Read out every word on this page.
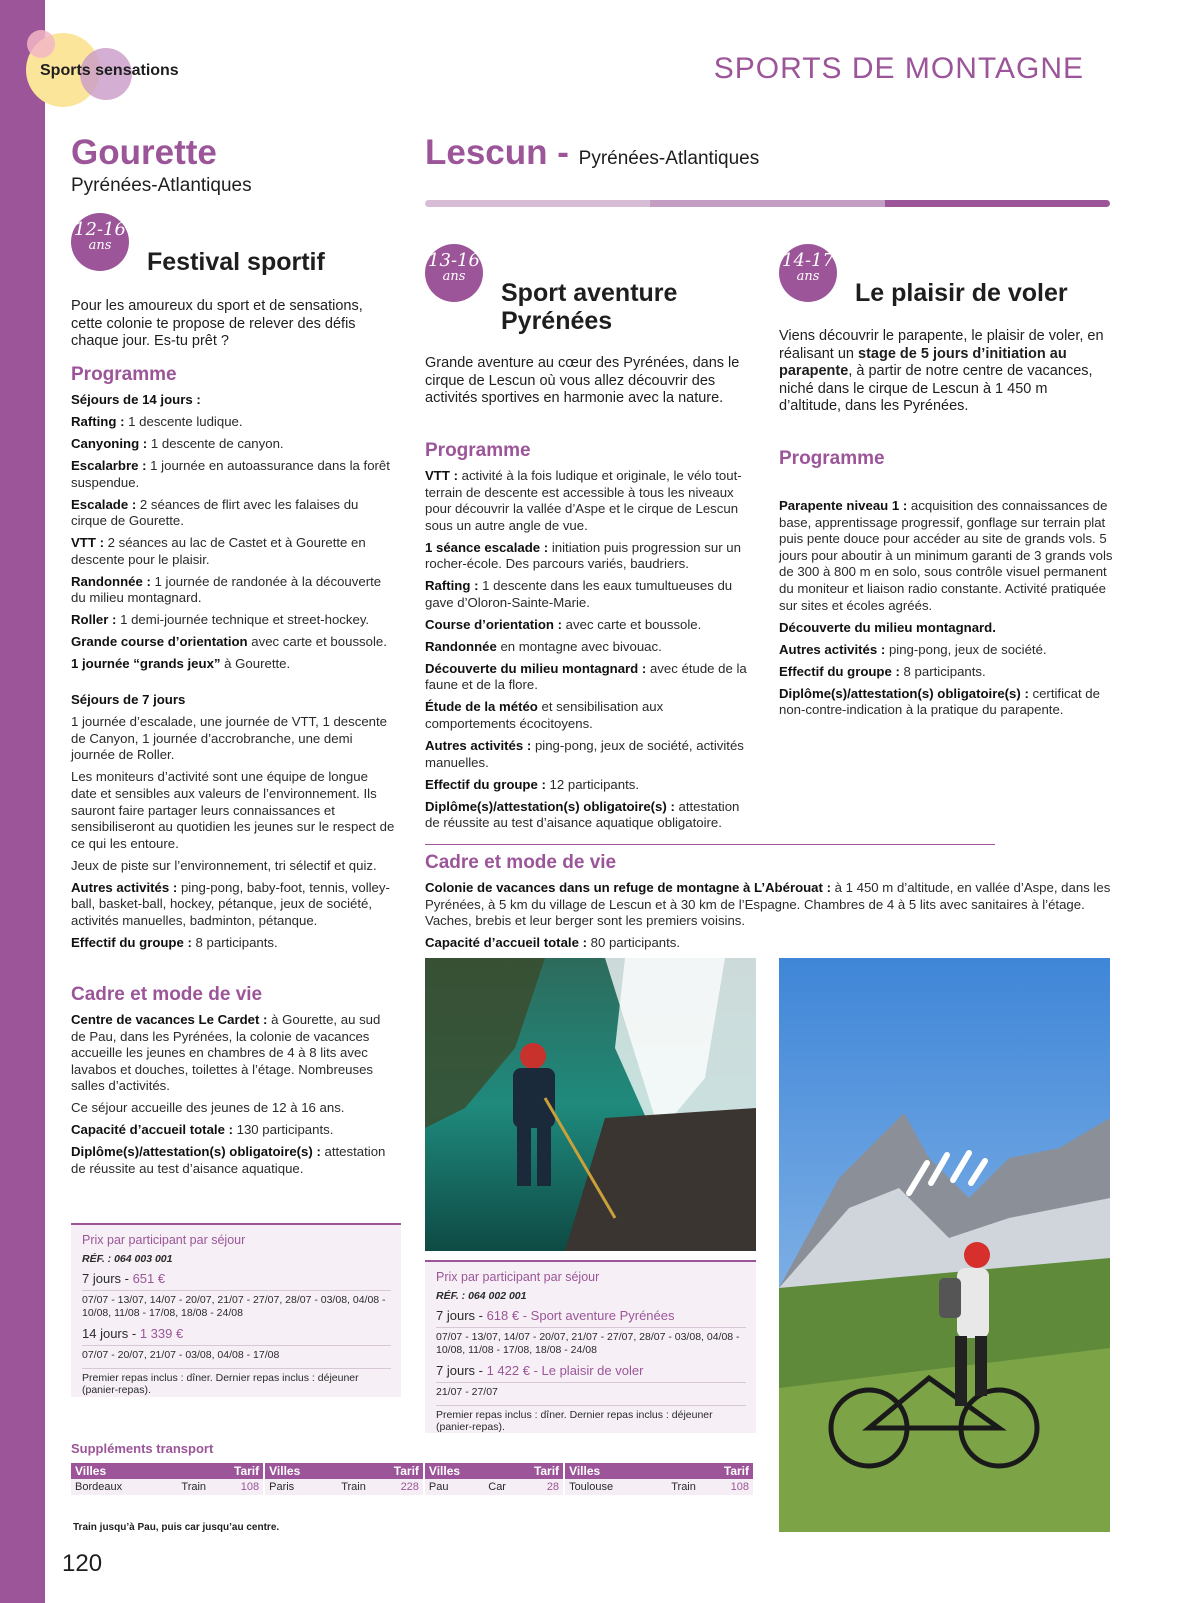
Sports sensations	SPORTS DE MONTAGNE
Gourette
Pyrénées-Atlantiques
12-16
ans
Festival sportif
Pour les amoureux du sport et de sensations, cette colonie te propose de relever des défis chaque jour. Es-tu prêt ?
Programme

Séjours de 14 jours :

Rafting : 1 descente ludique.

Canyoning : 1 descente de canyon.

Escalarbre : 1 journée en autoassurance dans la forêt suspendue.

Escalade : 2 séances de flirt avec les falaises du cirque de Gourette.

VTT : 2 séances au lac de Castet et à Gourette en descente pour le plaisir.

Randonnée : 1 journée de randonée à la découverte du milieu montagnard.

Roller : 1 demi-journée technique et street-hockey.

Grande course d’orientation avec carte et boussole.

1 journée “grands jeux” à Gourette.

Séjours de 7 jours

1 journée d’escalade, une journée de VTT, 1 descente de Canyon, 1 journée d’accrobranche, une demi journée de Roller.

Les moniteurs d’activité sont une équipe de longue date et sensibles aux valeurs de l’environnement. Ils sauront faire partager leurs connaissances et sensibiliseront au quotidien les jeunes sur le respect de ce qui les entoure.

Jeux de piste sur l’environnement, tri sélectif et quiz.

Autres activités : ping-pong, baby-foot, tennis, volley-ball, basket-ball, hockey, pétanque, jeux de société, activités manuelles, badminton, pétanque.

Effectif du groupe : 8 participants.

Cadre et mode de vie

Centre de vacances Le Cardet : à Gourette, au sud de Pau, dans les Pyrénées, la colonie de vacances accueille les jeunes en chambres de 4 à 8 lits avec lavabos et douches, toilettes à l’étage. Nombreuses salles d’activités.

Ce séjour accueille des jeunes de 12 à 16 ans.

Capacité d’accueil totale : 130 participants.

Diplôme(s)/attestation(s) obligatoire(s) : attestation de réussite au test d’aisance aquatique.

Prix par participant par séjour
RÉF. : 064 003 001
7 jours - 651 €
07/07 - 13/07, 14/07 - 20/07, 21/07 - 27/07, 28/07 - 03/08, 04/08 - 10/08, 11/08 - 17/08, 18/08 - 24/08
14 jours - 1 339 €
07/07 - 20/07, 21/07 - 03/08, 04/08 - 17/08
Premier repas inclus : dîner. Dernier repas inclus : déjeuner (panier-repas).
Lescun - Pyrénées-Atlantiques
13-16
ans
Sport aventure Pyrénées
Grande aventure au cœur des Pyrénées, dans le cirque de Lescun où vous allez découvrir des activités sportives en harmonie avec la nature.
Programme

VTT : activité à la fois ludique et originale, le vélo tout-terrain de descente est accessible à tous les niveaux pour découvrir la vallée d’Aspe et le cirque de Lescun sous un autre angle de vue.

1 séance escalade : initiation puis progression sur un rocher-école. Des parcours variés, baudriers.

Rafting : 1 descente dans les eaux tumultueuses du gave d’Oloron-Sainte-Marie.

Course d’orientation : avec carte et boussole.

Randonnée en montagne avec bivouac.

Découverte du milieu montagnard : avec étude de la faune et de la flore.

Étude de la météo et sensibilisation aux comportements écocitoyens.

Autres activités : ping-pong, jeux de société, activités manuelles.

Effectif du groupe : 12 participants.

Diplôme(s)/attestation(s) obligatoire(s) : attestation de réussite au test d’aisance aquatique obligatoire.

14-17
ans
Le plaisir de voler
Viens découvrir le parapente, le plaisir de voler, en réalisant un stage de 5 jours d’initiation au parapente, à partir de notre centre de vacances, niché dans le cirque de Lescun à 1 450 m d’altitude, dans les Pyrénées.
Programme

Parapente niveau 1 : acquisition des connaissances de base, apprentissage progressif, gonflage sur terrain plat puis pente douce pour accéder au site de grands vols. 5 jours pour aboutir à un minimum garanti de 3 grands vols de 300 à 800 m en solo, sous contrôle visuel permanent du moniteur et liaison radio constante. Activité pratiquée sur sites et écoles agréés.

Découverte du milieu montagnard.

Autres activités : ping-pong, jeux de société.

Effectif du groupe : 8 participants.

Diplôme(s)/attestation(s) obligatoire(s) : certificat de non-contre-indication à la pratique du parapente.

Cadre et mode de vie

Colonie de vacances dans un refuge de montagne à L’Abérouat : à 1 450 m d’altitude, en vallée d’Aspe, dans les Pyrénées, à 5 km du village de Lescun et à 30 km de l’Espagne. Chambres de 4 à 5 lits avec sanitaires à l’étage. Vaches, brebis et leur berger sont les premiers voisins.

Capacité d’accueil totale : 80 participants.

Prix par participant par séjour
RÉF. : 064 002 001
7 jours - 618 € - Sport aventure Pyrénées
07/07 - 13/07, 14/07 - 20/07, 21/07 - 27/07, 28/07 - 03/08, 04/08 - 10/08, 11/08 - 17/08, 18/08 - 24/08
7 jours - 1 422 € - Le plaisir de voler
21/07 - 27/07
Premier repas inclus : dîner. Dernier repas inclus : déjeuner (panier-repas).
Suppléments transport
Villes		Tarif	Villes		Tarif	Villes		Tarif	Villes		Tarif
Bordeaux	Train	108	Paris	Train	228	Pau	Car	28	Toulouse	Train	108
Train jusqu’à Pau, puis car jusqu’au centre.
120
